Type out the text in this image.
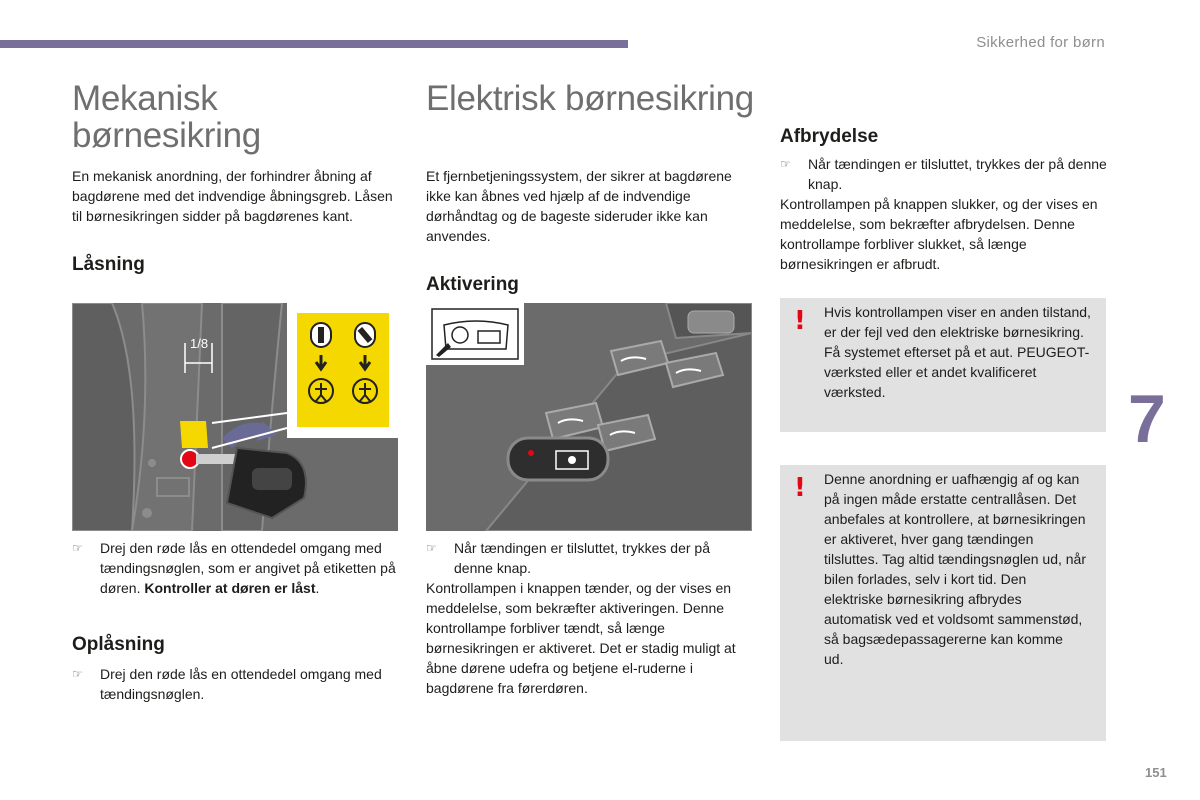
Sikkerhed for børn
7
151
Mekanisk
børnesikring

En mekanisk anordning, der forhindrer åbning af bagdørene med det indvendige åbningsgreb. Låsen til børnesikringen sidder på bagdørenes kant.

Låsning
1/8
☞	Drej den røde lås en ottendedel omgang med tændingsnøglen, som er angivet på etiketten på døren. Kontroller at døren er låst.
Oplåsning
☞	Drej den røde lås en ottendedel omgang med tændingsnøglen.
Elektrisk børnesikring

Et fjernbetjeningssystem, der sikrer at bagdørene ikke kan åbnes ved hjælp af de indvendige dørhåndtag og de bageste sideruder ikke kan anvendes.

Aktivering
☞	Når tændingen er tilsluttet, trykkes der på denne knap.

Kontrollampen i knappen tænder, og der vises en meddelelse, som bekræfter aktiveringen. Denne kontrollampe forbliver tændt, så længe børnesikringen er aktiveret. Det er stadig muligt at åbne dørene udefra og betjene el-ruderne i bagdørene fra førerdøren.

Afbrydelse
☞	Når tændingen er tilsluttet, trykkes der på denne knap.

Kontrollampen på knappen slukker, og der vises en meddelelse, som bekræfter afbrydelsen. Denne kontrollampe forbliver slukket, så længe børnesikringen er afbrudt.

! Hvis kontrollampen viser en anden tilstand, er der fejl ved den elektriske børnesikring. Få systemet efterset på et aut. PEUGEOT-værksted eller et andet kvalificeret værksted.

! Denne anordning er uafhængig af og kan på ingen måde erstatte centrallåsen. Det anbefales at kontrollere, at børnesikringen er aktiveret, hver gang tændingen tilsluttes. Tag altid tændingsnøglen ud, når bilen forlades, selv i kort tid. Den elektriske børnesikring afbrydes automatisk ved et voldsomt sammenstød, så bagsædepassagererne kan komme ud.
